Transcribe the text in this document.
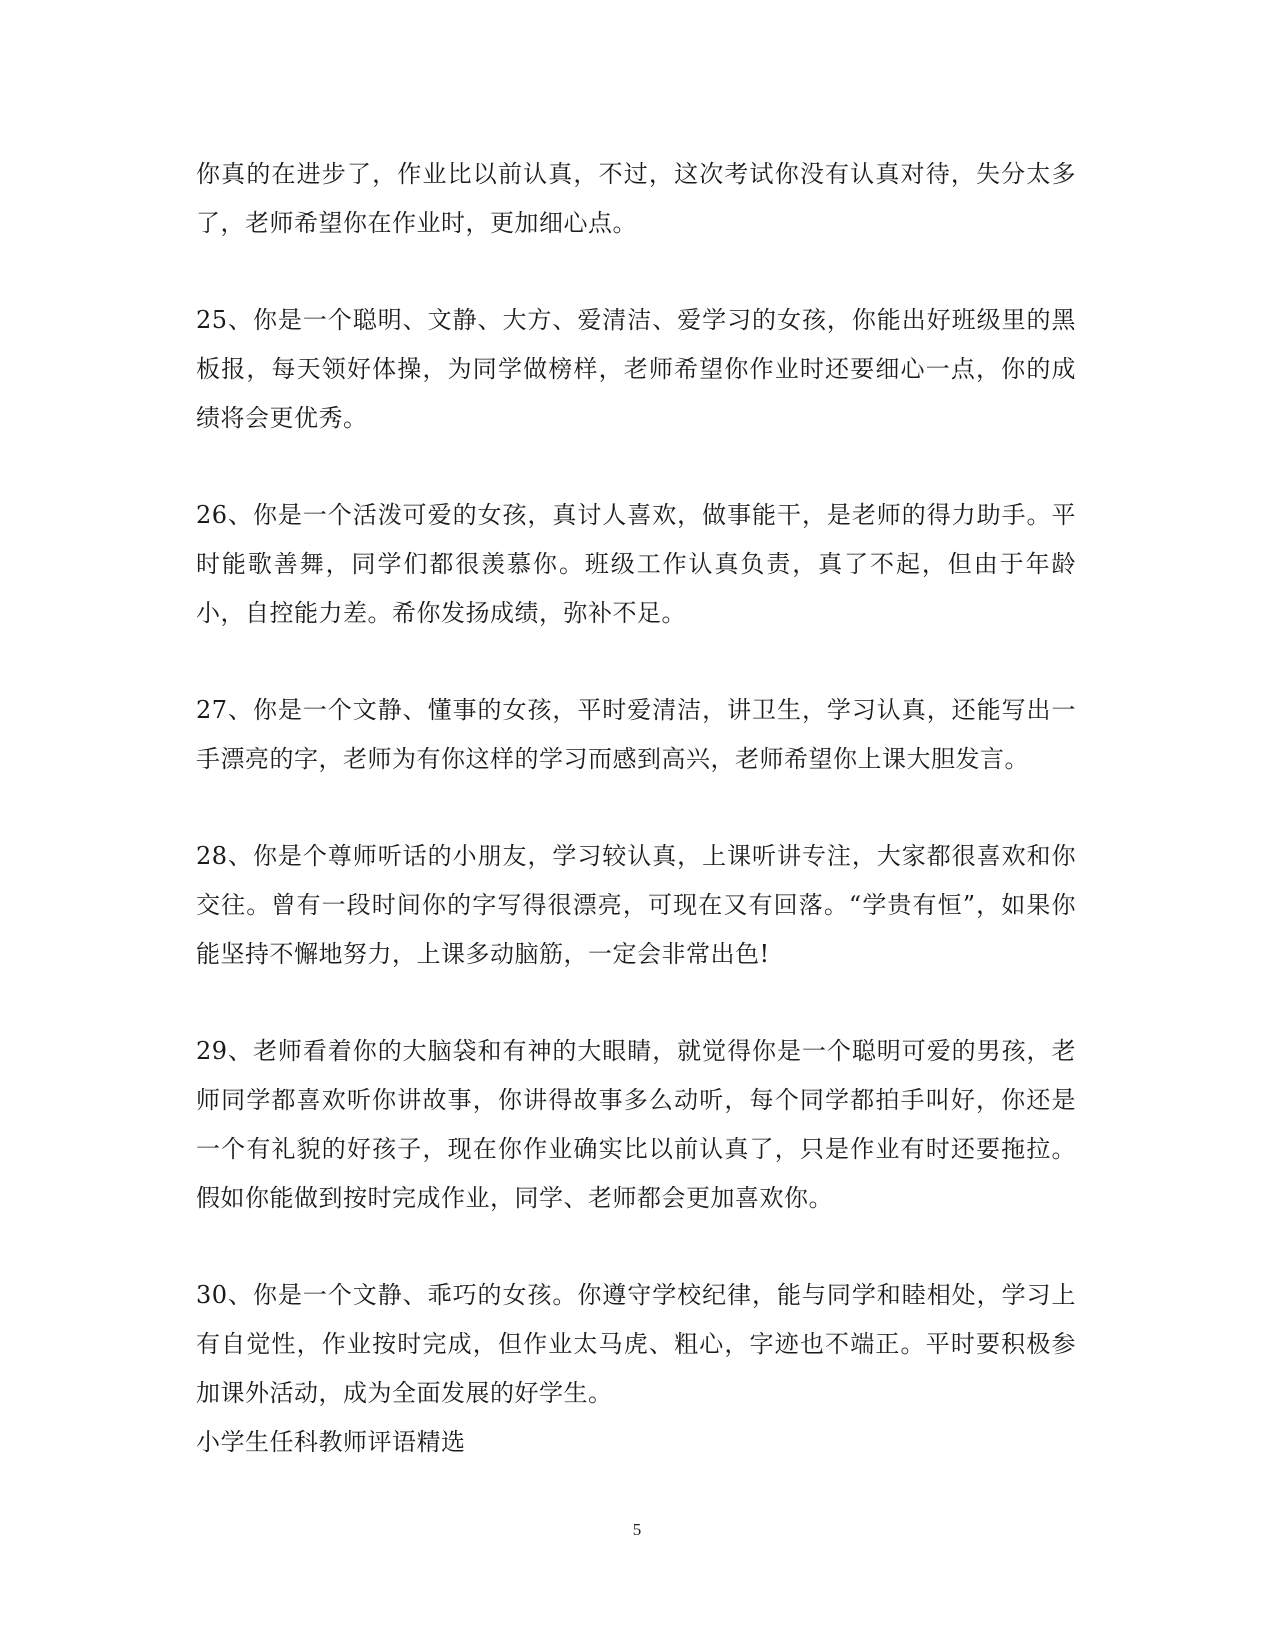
你真的在进步了，作业比以前认真，不过，这次考试你没有认真对待，失分太多了，老师希望你在作业时，更加细心点。

25、你是一个聪明、文静、大方、爱清洁、爱学习的女孩，你能出好班级里的黑板报，每天领好体操，为同学做榜样，老师希望你作业时还要细心一点，你的成绩将会更优秀。

26、你是一个活泼可爱的女孩，真讨人喜欢，做事能干，是老师的得力助手。平时能歌善舞，同学们都很羡慕你。班级工作认真负责，真了不起，但由于年龄小，自控能力差。希你发扬成绩，弥补不足。

27、你是一个文静、懂事的女孩，平时爱清洁，讲卫生，学习认真，还能写出一手漂亮的字，老师为有你这样的学习而感到高兴，老师希望你上课大胆发言。

28、你是个尊师听话的小朋友，学习较认真，上课听讲专注，大家都很喜欢和你交往。曾有一段时间你的字写得很漂亮，可现在又有回落。“学贵有恒”，如果你能坚持不懈地努力，上课多动脑筋，一定会非常出色!

29、老师看着你的大脑袋和有神的大眼睛，就觉得你是一个聪明可爱的男孩，老师同学都喜欢听你讲故事，你讲得故事多么动听，每个同学都拍手叫好，你还是一个有礼貌的好孩子，现在你作业确实比以前认真了，只是作业有时还要拖拉。假如你能做到按时完成作业，同学、老师都会更加喜欢你。

30、你是一个文静、乖巧的女孩。你遵守学校纪律，能与同学和睦相处，学习上有自觉性，作业按时完成，但作业太马虎、粗心，字迹也不端正。平时要积极参加课外活动，成为全面发展的好学生。

小学生任科教师评语精选

5
